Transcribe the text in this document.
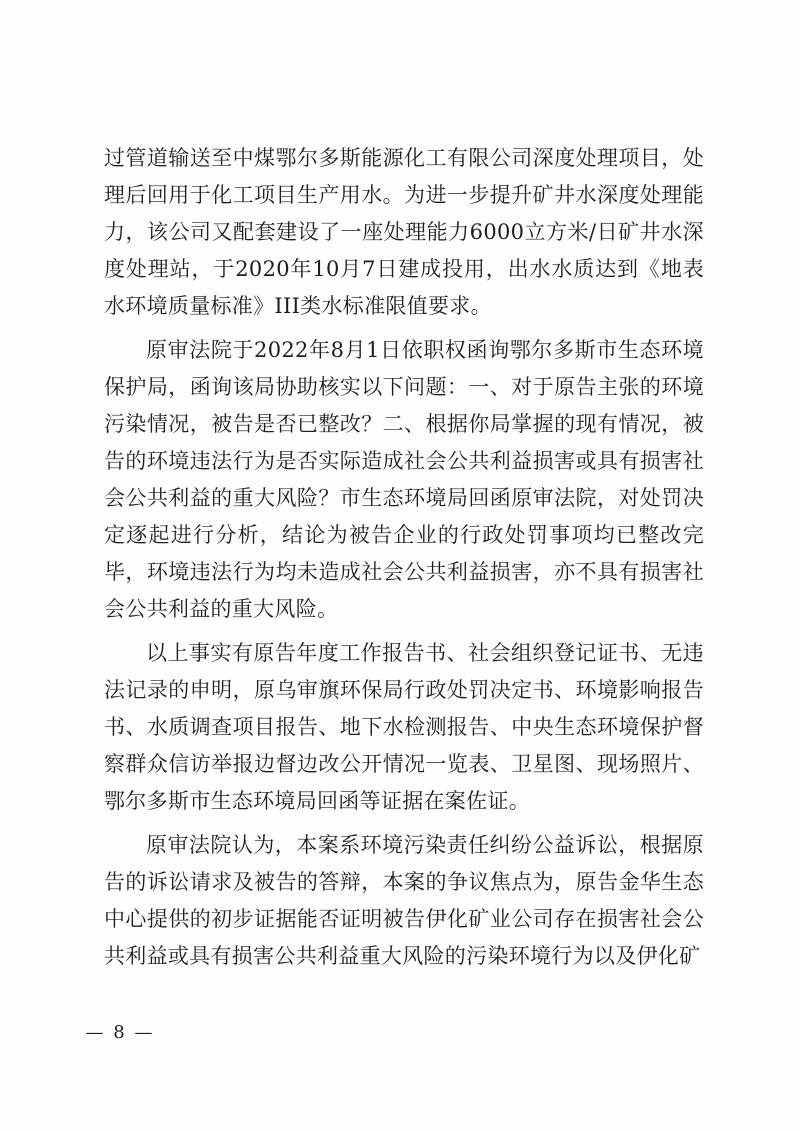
过管道输送至中煤鄂尔多斯能源化工有限公司深度处理项目，处理后回用于化工项目生产用水。为进一步提升矿井水深度处理能力，该公司又配套建设了一座处理能力6000立方米/日矿井水深度处理站，于2020年10月7日建成投用，出水水质达到《地表水环境质量标准》III类水标准限值要求。

原审法院于2022年8月1日依职权函询鄂尔多斯市生态环境保护局，函询该局协助核实以下问题：一、对于原告主张的环境污染情况，被告是否已整改？二、根据你局掌握的现有情况，被告的环境违法行为是否实际造成社会公共利益损害或具有损害社会公共利益的重大风险？市生态环境局回函原审法院，对处罚决定逐起进行分析，结论为被告企业的行政处罚事项均已整改完毕，环境违法行为均未造成社会公共利益损害，亦不具有损害社会公共利益的重大风险。

以上事实有原告年度工作报告书、社会组织登记证书、无违法记录的申明，原乌审旗环保局行政处罚决定书、环境影响报告书、水质调查项目报告、地下水检测报告、中央生态环境保护督察群众信访举报边督边改公开情况一览表、卫星图、现场照片、鄂尔多斯市生态环境局回函等证据在案佐证。

原审法院认为，本案系环境污染责任纠纷公益诉讼，根据原告的诉讼请求及被告的答辩，本案的争议焦点为，原告金华生态中心提供的初步证据能否证明被告伊化矿业公司存在损害社会公共利益或具有损害公共利益重大风险的污染环境行为以及伊化矿

— 8 —
